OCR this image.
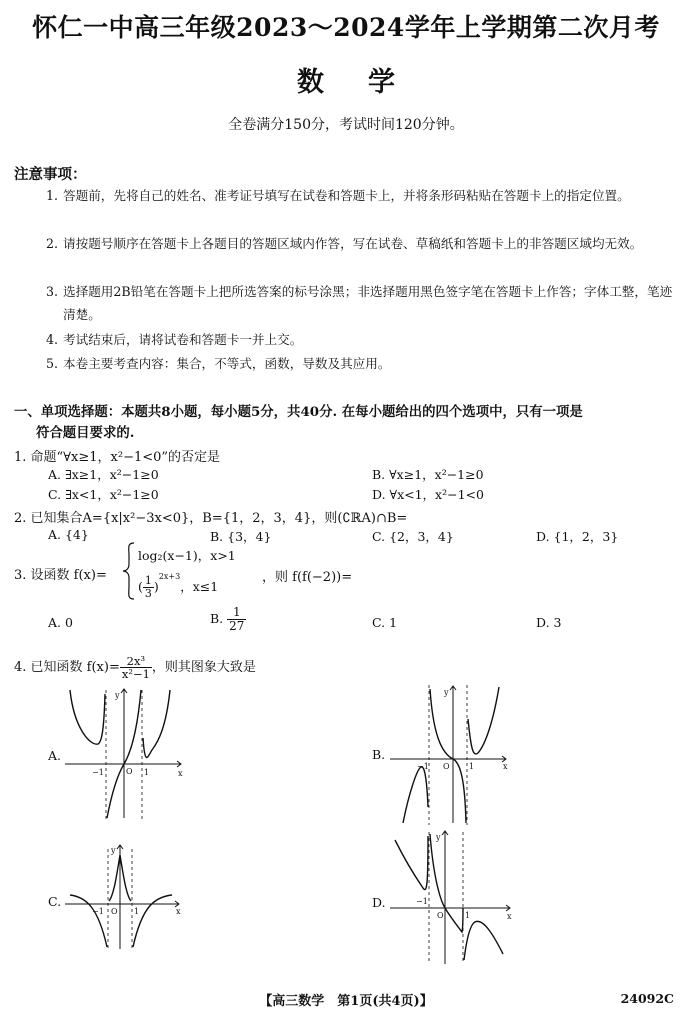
怀仁一中高三年级2023～2024学年上学期第二次月考
数学
全卷满分150分，考试时间120分钟。
注意事项：
1. 答题前，先将自己的姓名、准考证号填写在试卷和答题卡上，并将条形码粘贴在答题卡上的指定位置。
2. 请按题号顺序在答题卡上各题目的答题区域内作答，写在试卷、草稿纸和答题卡上的非答题区域均无效。
3. 选择题用2B铅笔在答题卡上把所选答案的标号涂黑；非选择题用黑色签字笔在答题卡上作答；字体工整，笔迹清楚。
4. 考试结束后，请将试卷和答题卡一并上交。
5. 本卷主要考查内容：集合，不等式，函数，导数及其应用。
一、单项选择题：本题共8小题，每小题5分，共40分. 在每小题给出的四个选项中，只有一项是
符合题目要求的.
1. 命题“∀x≥1，x²−1<0”的否定是
A. ∃x≥1，x²−1≥0	B. ∀x≥1，x²−1≥0
C. ∃x<1，x²−1≥0	D. ∀x<1，x²−1<0
2. 已知集合A={x|x²−3x<0}，B={1，2，3，4}，则(∁ℝA)∩B=
A. {4}	B. {3，4}	C. {2，3，4}	D. {1，2，3}
3. 设函数 f(x)=
log₂(x−1)，x>1
( $\frac{1}{3} )^{2x+3}$，x≤1
，则 f(f(−2))=
A. 0	B. $\frac{1}{27}$	C. 1	D. 3
4. 已知函数 $f(x)= \frac{\text{2x³}}{\text{x²−1}}$ ，则其图象大致是
A.	B.
C.	D.
y
x
O
−1	1
y
x
O
−1	1
y
x
O
−1	1
y
x
O
−1
1
【高三数学　第1页(共4页)】	24092C
